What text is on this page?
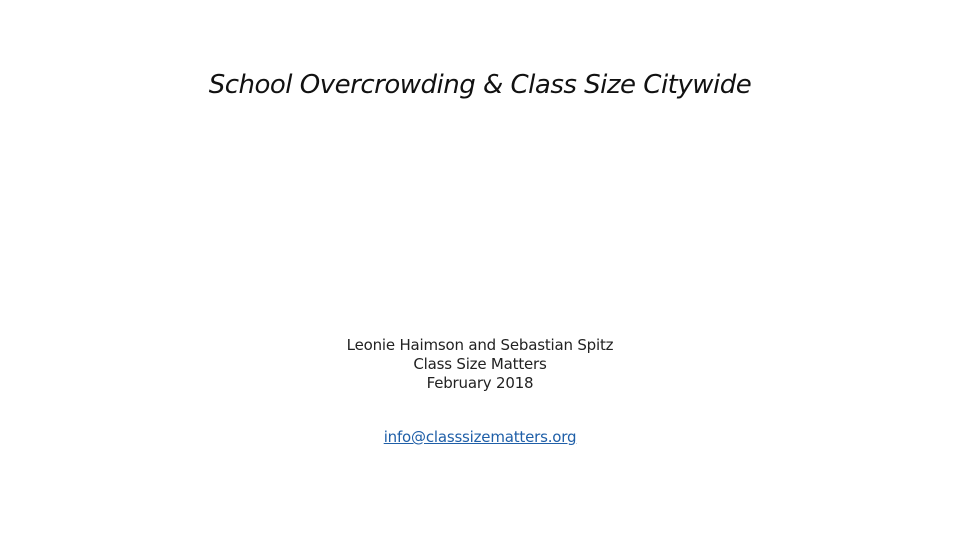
School Overcrowding & Class Size Citywide
Leonie Haimson and Sebastian Spitz
Class Size Matters
February 2018
info@classsizematters.org
